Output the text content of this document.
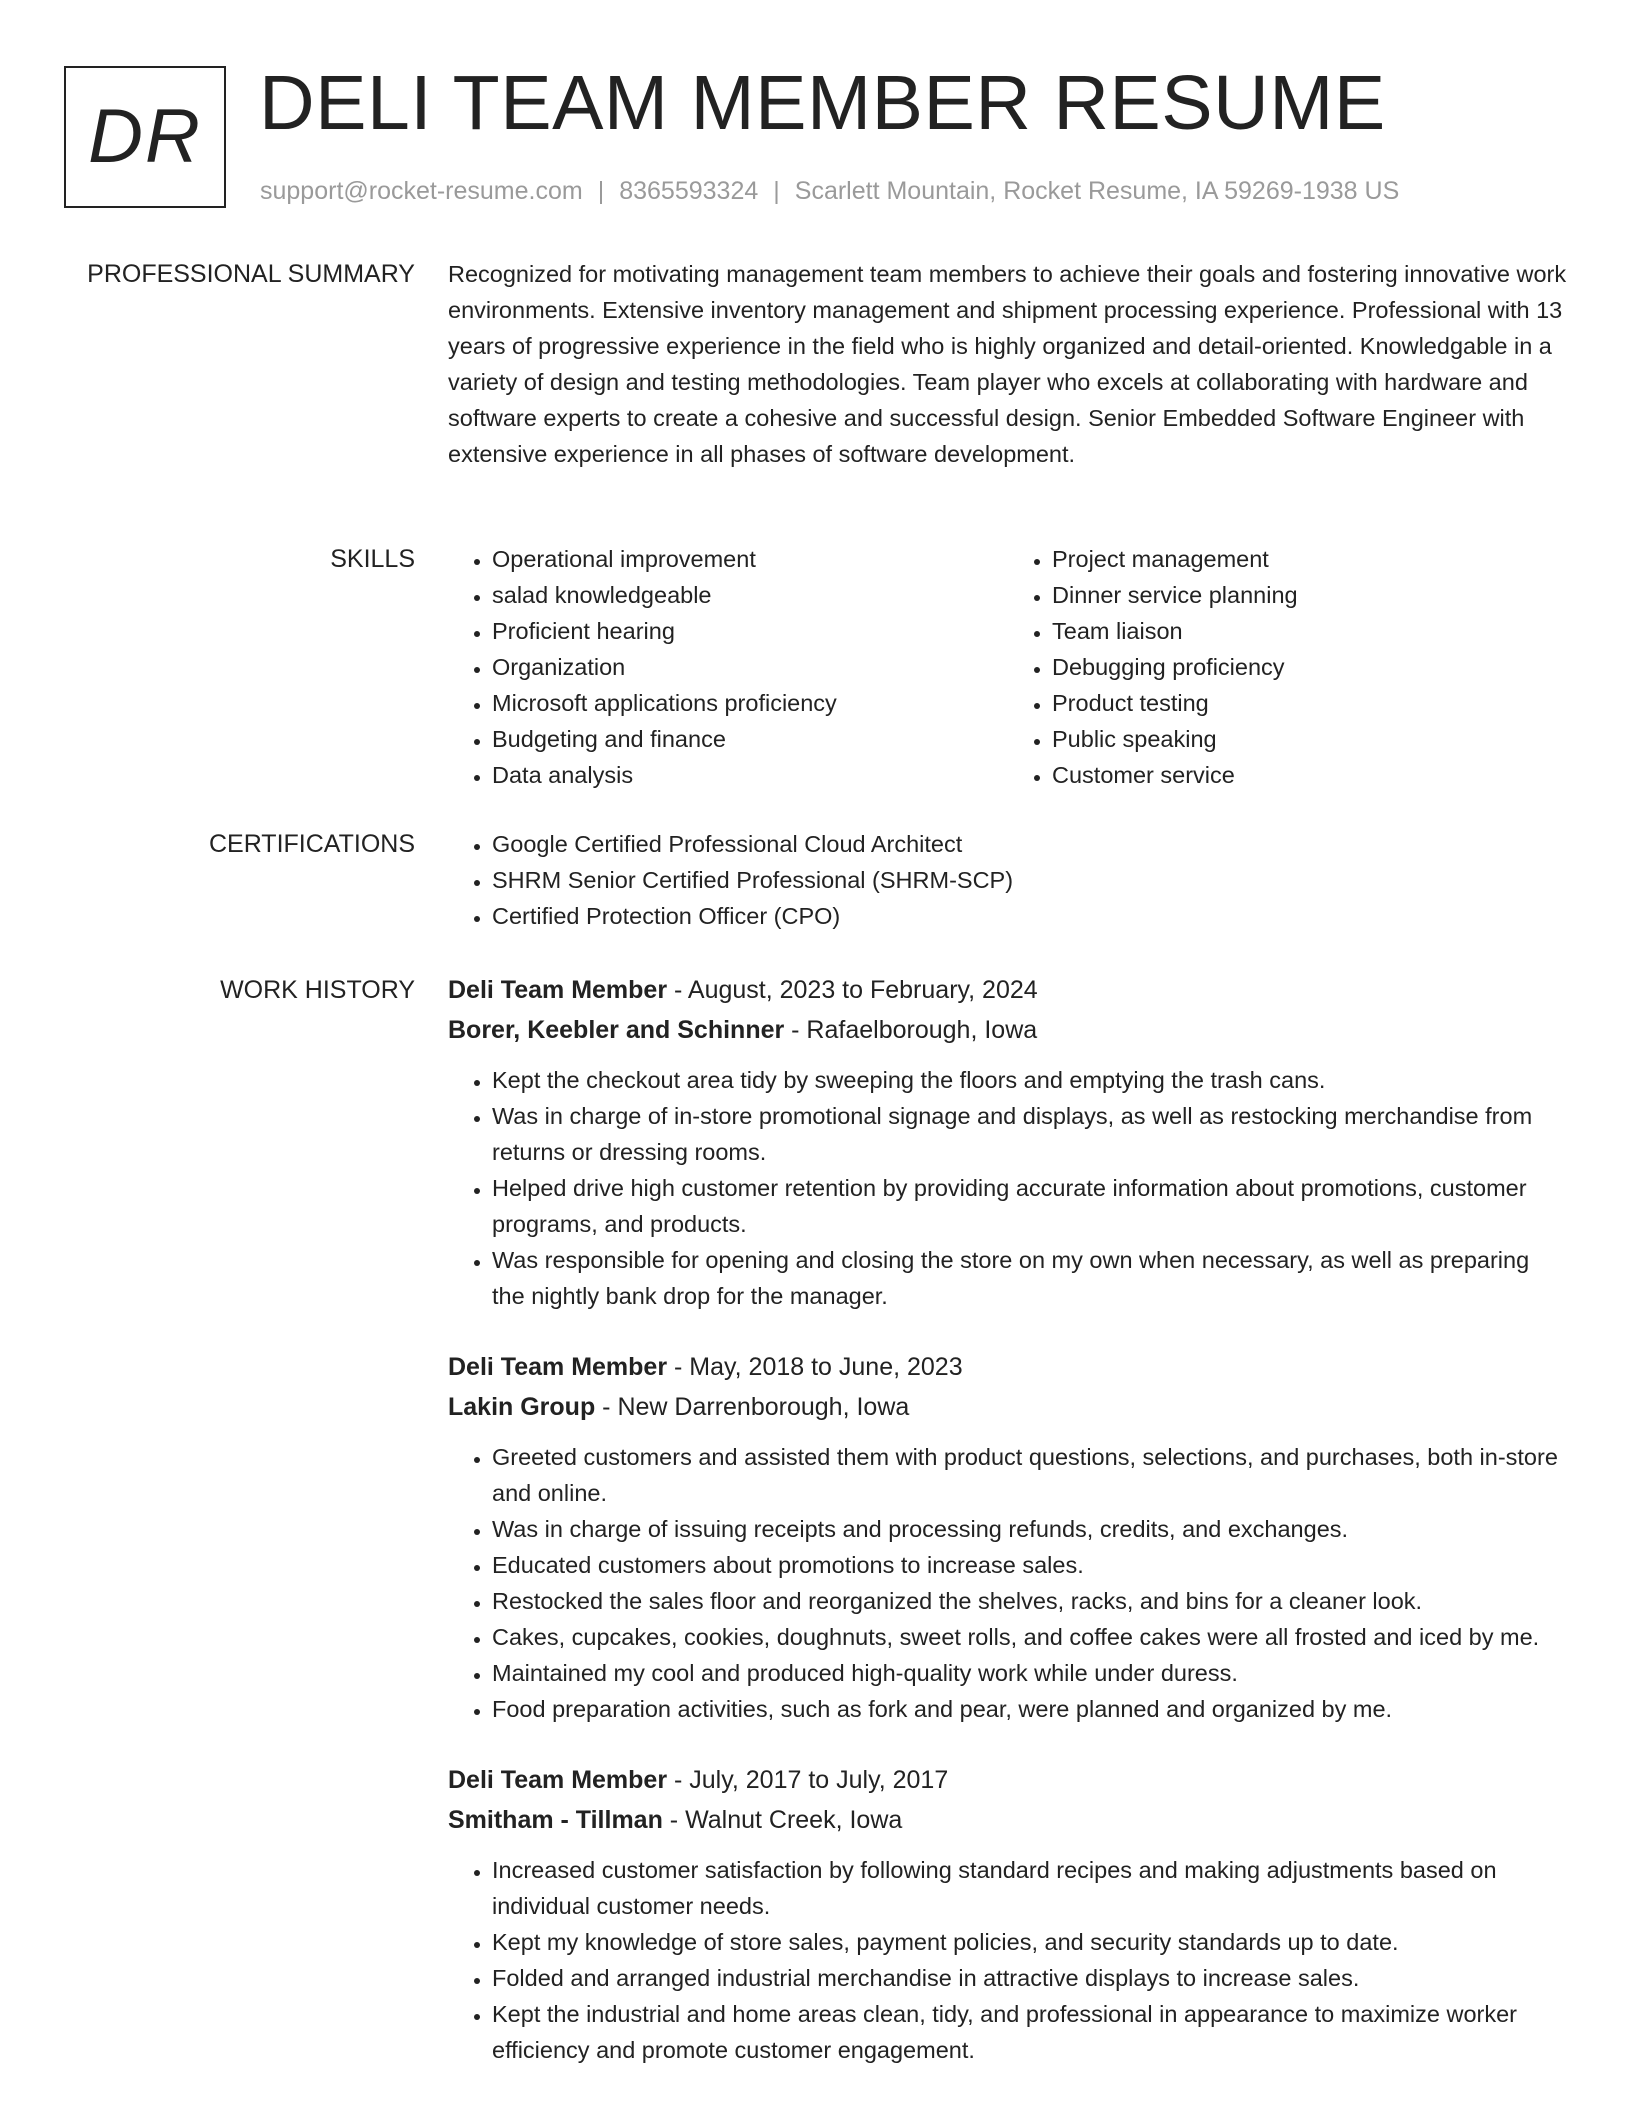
DR DELI TEAM MEMBER RESUME
support@rocket-resume.com | 8365593324 | Scarlett Mountain, Rocket Resume, IA 59269-1938 US
PROFESSIONAL SUMMARY Recognized for motivating management team members to achieve their goals and fostering innovative work environments. Extensive inventory management and shipment processing experience. Professional with 13 years of progressive experience in the field who is highly organized and detail-oriented. Knowledgable in a variety of design and testing methodologies. Team player who excels at collaborating with hardware and software experts to create a cohesive and successful design. Senior Embedded Software Engineer with extensive experience in all phases of software development.

SKILLS	• Operational improvement
• salad knowledgeable
• Proficient hearing
• Organization
• Microsoft applications proficiency
• Budgeting and finance
• Data analysis
• Project management
• Dinner service planning
• Team liaison
• Debugging proficiency
• Product testing
• Public speaking
• Customer service
CERTIFICATIONS	• Google Certified Professional Cloud Architect
• SHRM Senior Certified Professional (SHRM-SCP)
• Certified Protection Officer (CPO)
WORK HISTORY Deli Team Member - August, 2023 to February, 2024
Borer, Keebler and Schinner - Rafaelborough, Iowa
• Kept the checkout area tidy by sweeping the floors and emptying the trash cans.
• Was in charge of in-store promotional signage and displays, as well as restocking merchandise from returns or dressing rooms.
• Helped drive high customer retention by providing accurate information about promotions, customer programs, and products.
• Was responsible for opening and closing the store on my own when necessary, as well as preparing the nightly bank drop for the manager.
Deli Team Member - May, 2018 to June, 2023
Lakin Group - New Darrenborough, Iowa
• Greeted customers and assisted them with product questions, selections, and purchases, both in-store and online.
• Was in charge of issuing receipts and processing refunds, credits, and exchanges.
• Educated customers about promotions to increase sales.
• Restocked the sales floor and reorganized the shelves, racks, and bins for a cleaner look.
• Cakes, cupcakes, cookies, doughnuts, sweet rolls, and coffee cakes were all frosted and iced by me.
• Maintained my cool and produced high-quality work while under duress.
• Food preparation activities, such as fork and pear, were planned and organized by me.
Deli Team Member - July, 2017 to July, 2017
Smitham - Tillman - Walnut Creek, Iowa
• Increased customer satisfaction by following standard recipes and making adjustments based on individual customer needs.
• Kept my knowledge of store sales, payment policies, and security standards up to date.
• Folded and arranged industrial merchandise in attractive displays to increase sales.
• Kept the industrial and home areas clean, tidy, and professional in appearance to maximize worker efficiency and promote customer engagement.
